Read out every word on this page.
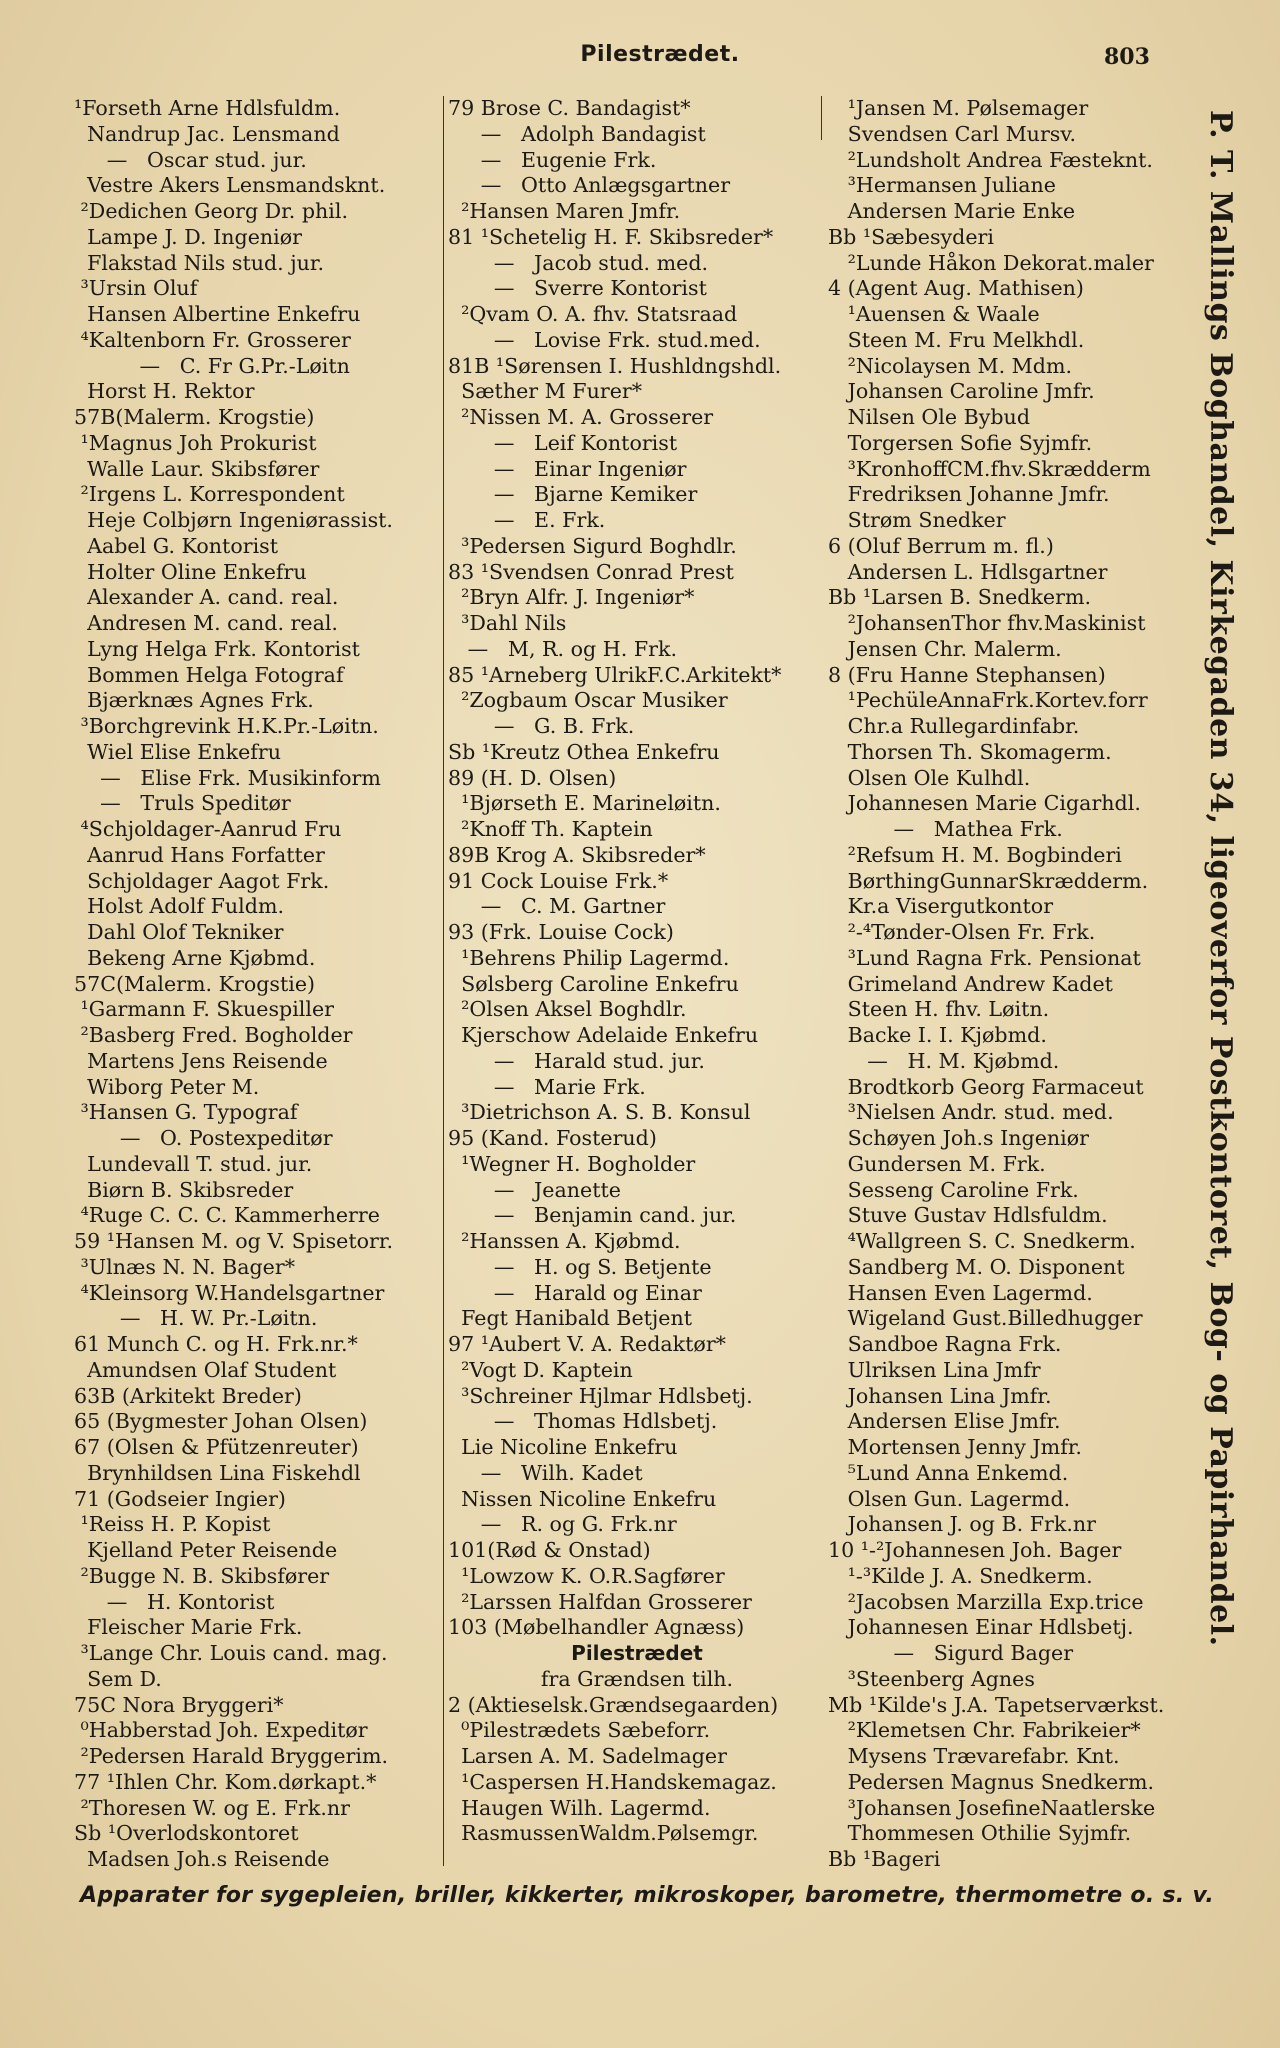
Pilestrædet.	803
¹Forseth Arne Hdlsfuldm.
Nandrup Jac. Lensmand
—   Oscar stud. jur.
Vestre Akers Lensmandsknt.
²Dedichen Georg Dr. phil.
Lampe J. D. Ingeniør
Flakstad Nils stud. jur.
³Ursin Oluf
Hansen Albertine Enkefru
⁴Kaltenborn Fr. Grosserer
—   C. Fr G.Pr.-Løitn
Horst H. Rektor
57B(Malerm. Krogstie)
¹Magnus Joh Prokurist
Walle Laur. Skibsfører
²Irgens L. Korrespondent
Heje Colbjørn Ingeniørassist.
Aabel G. Kontorist
Holter Oline Enkefru
Alexander A. cand. real.
Andresen M. cand. real.
Lyng Helga Frk. Kontorist
Bommen Helga Fotograf
Bjærknæs Agnes Frk.
³Borchgrevink H.K.Pr.-Løitn.
Wiel Elise Enkefru
—   Elise Frk. Musikinform
—   Truls Speditør
⁴Schjoldager-Aanrud Fru
Aanrud Hans Forfatter
Schjoldager Aagot Frk.
Holst Adolf Fuldm.
Dahl Olof Tekniker
Bekeng Arne Kjøbmd.
57C(Malerm. Krogstie)
¹Garmann F. Skuespiller
²Basberg Fred. Bogholder
Martens Jens Reisende
Wiborg Peter M.
³Hansen G. Typograf
—   O. Postexpeditør
Lundevall T. stud. jur.
Biørn B. Skibsreder
⁴Ruge C. C. C. Kammerherre
59 ¹Hansen M. og V. Spisetorr.
³Ulnæs N. N. Bager*
⁴Kleinsorg W.Handelsgartner
—   H. W. Pr.-Løitn.
61 Munch C. og H. Frk.nr.*
Amundsen Olaf Student
63B (Arkitekt Breder)
65 (Bygmester Johan Olsen)
67 (Olsen & Pfützenreuter)
Brynhildsen Lina Fiskehdl
71 (Godseier Ingier)
¹Reiss H. P. Kopist
Kjelland Peter Reisende
²Bugge N. B. Skibsfører
—   H. Kontorist
Fleischer Marie Frk.
³Lange Chr. Louis cand. mag.
Sem D.
75C Nora Bryggeri*
⁰Habberstad Joh. Expeditør
²Pedersen Harald Bryggerim.
77 ¹Ihlen Chr. Kom.dørkapt.*
²Thoresen W. og E. Frk.nr
Sb ¹Overlodskontoret
Madsen Joh.s Reisende
79 Brose C. Bandagist*
—   Adolph Bandagist
—   Eugenie Frk.
—   Otto Anlægsgartner
²Hansen Maren Jmfr.
81 ¹Schetelig H. F. Skibsreder*
—   Jacob stud. med.
—   Sverre Kontorist
²Qvam O. A. fhv. Statsraad
—   Lovise Frk. stud.med.
81B ¹Sørensen I. Hushldngshdl.
Sæther M Furer*
²Nissen M. A. Grosserer
—   Leif Kontorist
—   Einar Ingeniør
—   Bjarne Kemiker
—   E. Frk.
³Pedersen Sigurd Boghdlr.
83 ¹Svendsen Conrad Prest
²Bryn Alfr. J. Ingeniør*
³Dahl Nils
—   M, R. og H. Frk.
85 ¹Arneberg UlrikF.C.Arkitekt*
²Zogbaum Oscar Musiker
—   G. B. Frk.
Sb ¹Kreutz Othea Enkefru
89 (H. D. Olsen)
¹Bjørseth E. Marineløitn.
²Knoff Th. Kaptein
89B Krog A. Skibsreder*
91 Cock Louise Frk.*
—   C. M. Gartner
93 (Frk. Louise Cock)
¹Behrens Philip Lagermd.
Sølsberg Caroline Enkefru
²Olsen Aksel Boghdlr.
Kjerschow Adelaide Enkefru
—   Harald stud. jur.
—   Marie Frk.
³Dietrichson A. S. B. Konsul
95 (Kand. Fosterud)
¹Wegner H. Bogholder
—   Jeanette
—   Benjamin cand. jur.
²Hanssen A. Kjøbmd.
—   H. og S. Betjente
—   Harald og Einar
Fegt Hanibald Betjent
97 ¹Aubert V. A. Redaktør*
²Vogt D. Kaptein
³Schreiner Hjlmar Hdlsbetj.
—   Thomas Hdlsbetj.
Lie Nicoline Enkefru
—   Wilh. Kadet
Nissen Nicoline Enkefru
—   R. og G. Frk.nr
101(Rød & Onstad)
¹Lowzow K. O.R.Sagfører
²Larssen Halfdan Grosserer
103 (Møbelhandler Agnæss)
Pilestrædet
fra Grændsen tilh.
2 (Aktieselsk.Grændsegaarden)
⁰Pilestrædets Sæbeforr.
Larsen A. M. Sadelmager
¹Caspersen H.Handskemagaz.
Haugen Wilh. Lagermd.
RasmussenWaldm.Pølsemgr.
¹Jansen M. Pølsemager
Svendsen Carl Mursv.
²Lundsholt Andrea Fæsteknt.
³Hermansen Juliane
Andersen Marie Enke
Bb ¹Sæbesyderi
²Lunde Håkon Dekorat.maler
4 (Agent Aug. Mathisen)
¹Auensen & Waale
Steen M. Fru Melkhdl.
²Nicolaysen M. Mdm.
Johansen Caroline Jmfr.
Nilsen Ole Bybud
Torgersen Sofie Syjmfr.
³KronhoffCM.fhv.Skrædderm
Fredriksen Johanne Jmfr.
Strøm Snedker
6 (Oluf Berrum m. fl.)
Andersen L. Hdlsgartner
Bb ¹Larsen B. Snedkerm.
²JohansenThor fhv.Maskinist
Jensen Chr. Malerm.
8 (Fru Hanne Stephansen)
¹PechüleAnnaFrk.Kortev.forr
Chr.a Rullegardinfabr.
Thorsen Th. Skomagerm.
Olsen Ole Kulhdl.
Johannesen Marie Cigarhdl.
—   Mathea Frk.
²Refsum H. M. Bogbinderi
BørthingGunnarSkrædderm.
Kr.a Visergutkontor
²-⁴Tønder-Olsen Fr. Frk.
³Lund Ragna Frk. Pensionat
Grimeland Andrew Kadet
Steen H. fhv. Løitn.
Backe I. I. Kjøbmd.
—   H. M. Kjøbmd.
Brodtkorb Georg Farmaceut
³Nielsen Andr. stud. med.
Schøyen Joh.s Ingeniør
Gundersen M. Frk.
Sesseng Caroline Frk.
Stuve Gustav Hdlsfuldm.
⁴Wallgreen S. C. Snedkerm.
Sandberg M. O. Disponent
Hansen Even Lagermd.
Wigeland Gust.Billedhugger
Sandboe Ragna Frk.
Ulriksen Lina Jmfr
Johansen Lina Jmfr.
Andersen Elise Jmfr.
Mortensen Jenny Jmfr.
⁵Lund Anna Enkemd.
Olsen Gun. Lagermd.
Johansen J. og B. Frk.nr
10 ¹-²Johannesen Joh. Bager
¹-³Kilde J. A. Snedkerm.
²Jacobsen Marzilla Exp.trice
Johannesen Einar Hdlsbetj.
—   Sigurd Bager
³Steenberg Agnes
Mb ¹Kilde's J.A. Tapetserværkst.
²Klemetsen Chr. Fabrikeier*
Mysens Trævarefabr. Knt.
Pedersen Magnus Snedkerm.
³Johansen JosefineNaatlerske
Thommesen Othilie Syjmfr.
Bb ¹Bageri
P. T. Mallings Boghandel, Kirkegaden 34, ligeoverfor Postkontoret, Bog- og Papirhandel.
Apparater for sygepleien, briller, kikkerter, mikroskoper, barometre, thermometre o. s. v.
